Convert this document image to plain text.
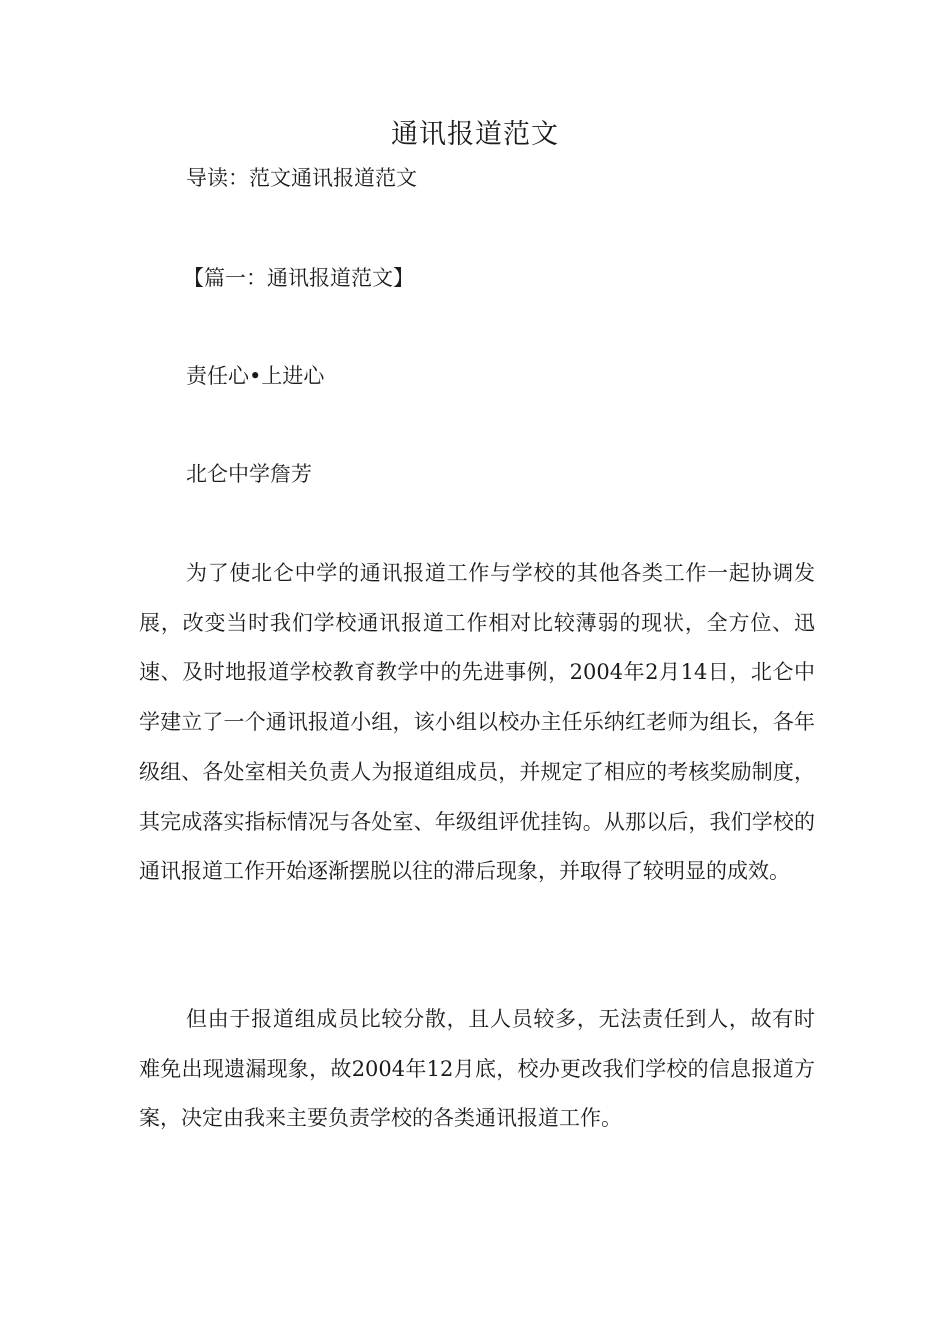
通讯报道范文
导读：范文通讯报道范文
【篇一：通讯报道范文】
责任心•上进心
北仑中学詹芳

为了使北仑中学的通讯报道工作与学校的其他各类工作一起协调发展，改变当时我们学校通讯报道工作相对比较薄弱的现状，全方位、迅速、及时地报道学校教育教学中的先进事例，2004年2月14日，北仑中学建立了一个通讯报道小组，该小组以校办主任乐纳红老师为组长，各年级组、各处室相关负责人为报道组成员，并规定了相应的考核奖励制度，其完成落实指标情况与各处室、年级组评优挂钩。从那以后，我们学校的通讯报道工作开始逐渐摆脱以往的滞后现象，并取得了较明显的成效。

但由于报道组成员比较分散，且人员较多，无法责任到人，故有时难免出现遗漏现象，故2004年12月底，校办更改我们学校的信息报道方案，决定由我来主要负责学校的各类通讯报道工作。
